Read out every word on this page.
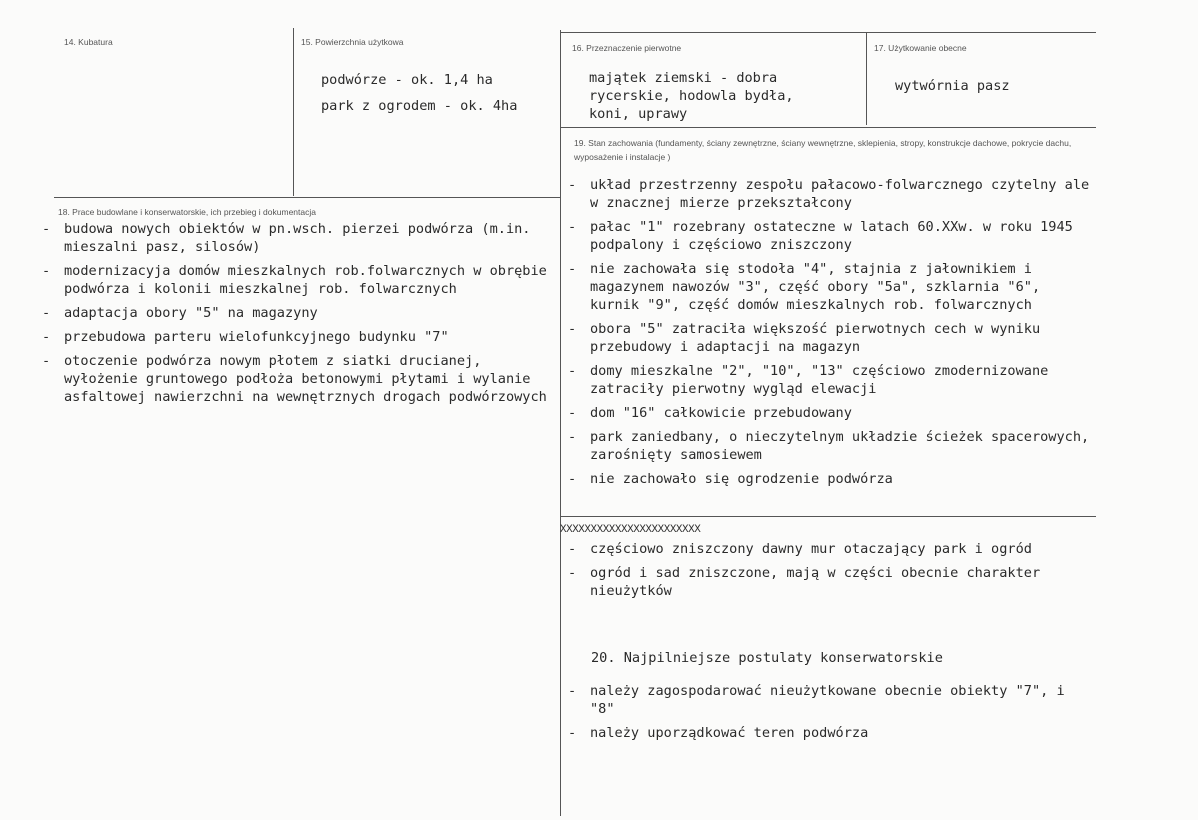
14. Kubatura	15. Powierzchnia użytkowa
podwórze - ok. 1,4 ha
park z ogrodem - ok. 4ha
16. Przeznaczenie pierwotne
majątek ziemski - dobra
rycerskie, hodowla bydła,
koni, uprawy
17. Użytkowanie obecne
wytwórnia pasz
18. Prace budowlane i konserwatorskie, ich przebieg i dokumentacja
- budowa nowych obiektów w pn.wsch. pierzei podwórza (m.in. mieszalni pasz, silosów)
- modernizacyja domów mieszkalnych rob.folwarcznych w obrębie podwórza i kolonii mieszkalnej rob. folwarcznych
- adaptacja obory "5" na magazyny
- przebudowa parteru wielofunkcyjnego budynku "7"
- otoczenie podwórza nowym płotem z siatki drucianej, wyłożenie gruntowego podłoża betonowymi płytami i wylanie asfaltowej nawierzchni na wewnętrznych drogach podwórzowych
19. Stan zachowania (fundamenty, ściany zewnętrzne, ściany wewnętrzne, sklepienia, stropy, konstrukcje dachowe, pokrycie dachu, wyposażenie i instalacje )
- układ przestrzenny zespołu pałacowo-folwarcznego czytelny ale w znacznej mierze przekształcony
- pałac "1" rozebrany ostateczne w latach 60.XXw. w roku 1945 podpalony i częściowo zniszczony
- nie zachowała się stodoła "4", stajnia z jałownikiem i magazynem nawozów "3", część obory "5a", szklarnia "6", kurnik "9", część domów mieszkalnych rob. folwarcznych
- obora "5" zatraciła większość pierwotnych cech w wyniku przebudowy i adaptacji na magazyn
- domy mieszkalne "2", "10", "13" częściowo zmodernizowane zatraciły pierwotny wygląd elewacji
- dom "16" całkowicie przebudowany
- park zaniedbany, o nieczytelnym układzie ścieżek spacerowych, zarośnięty samosiewem
- nie zachowało się ogrodzenie podwórza
XXXXXXXXXXXXXXXXXXXXXXX
- częściowo zniszczony dawny mur otaczający park i ogród
- ogród i sad zniszczone, mają w części obecnie charakter nieużytków
20. Najpilniejsze postulaty konserwatorskie
- należy zagospodarować nieużytkowane obecnie obiekty "7", i "8"
- należy uporządkować teren podwórza
